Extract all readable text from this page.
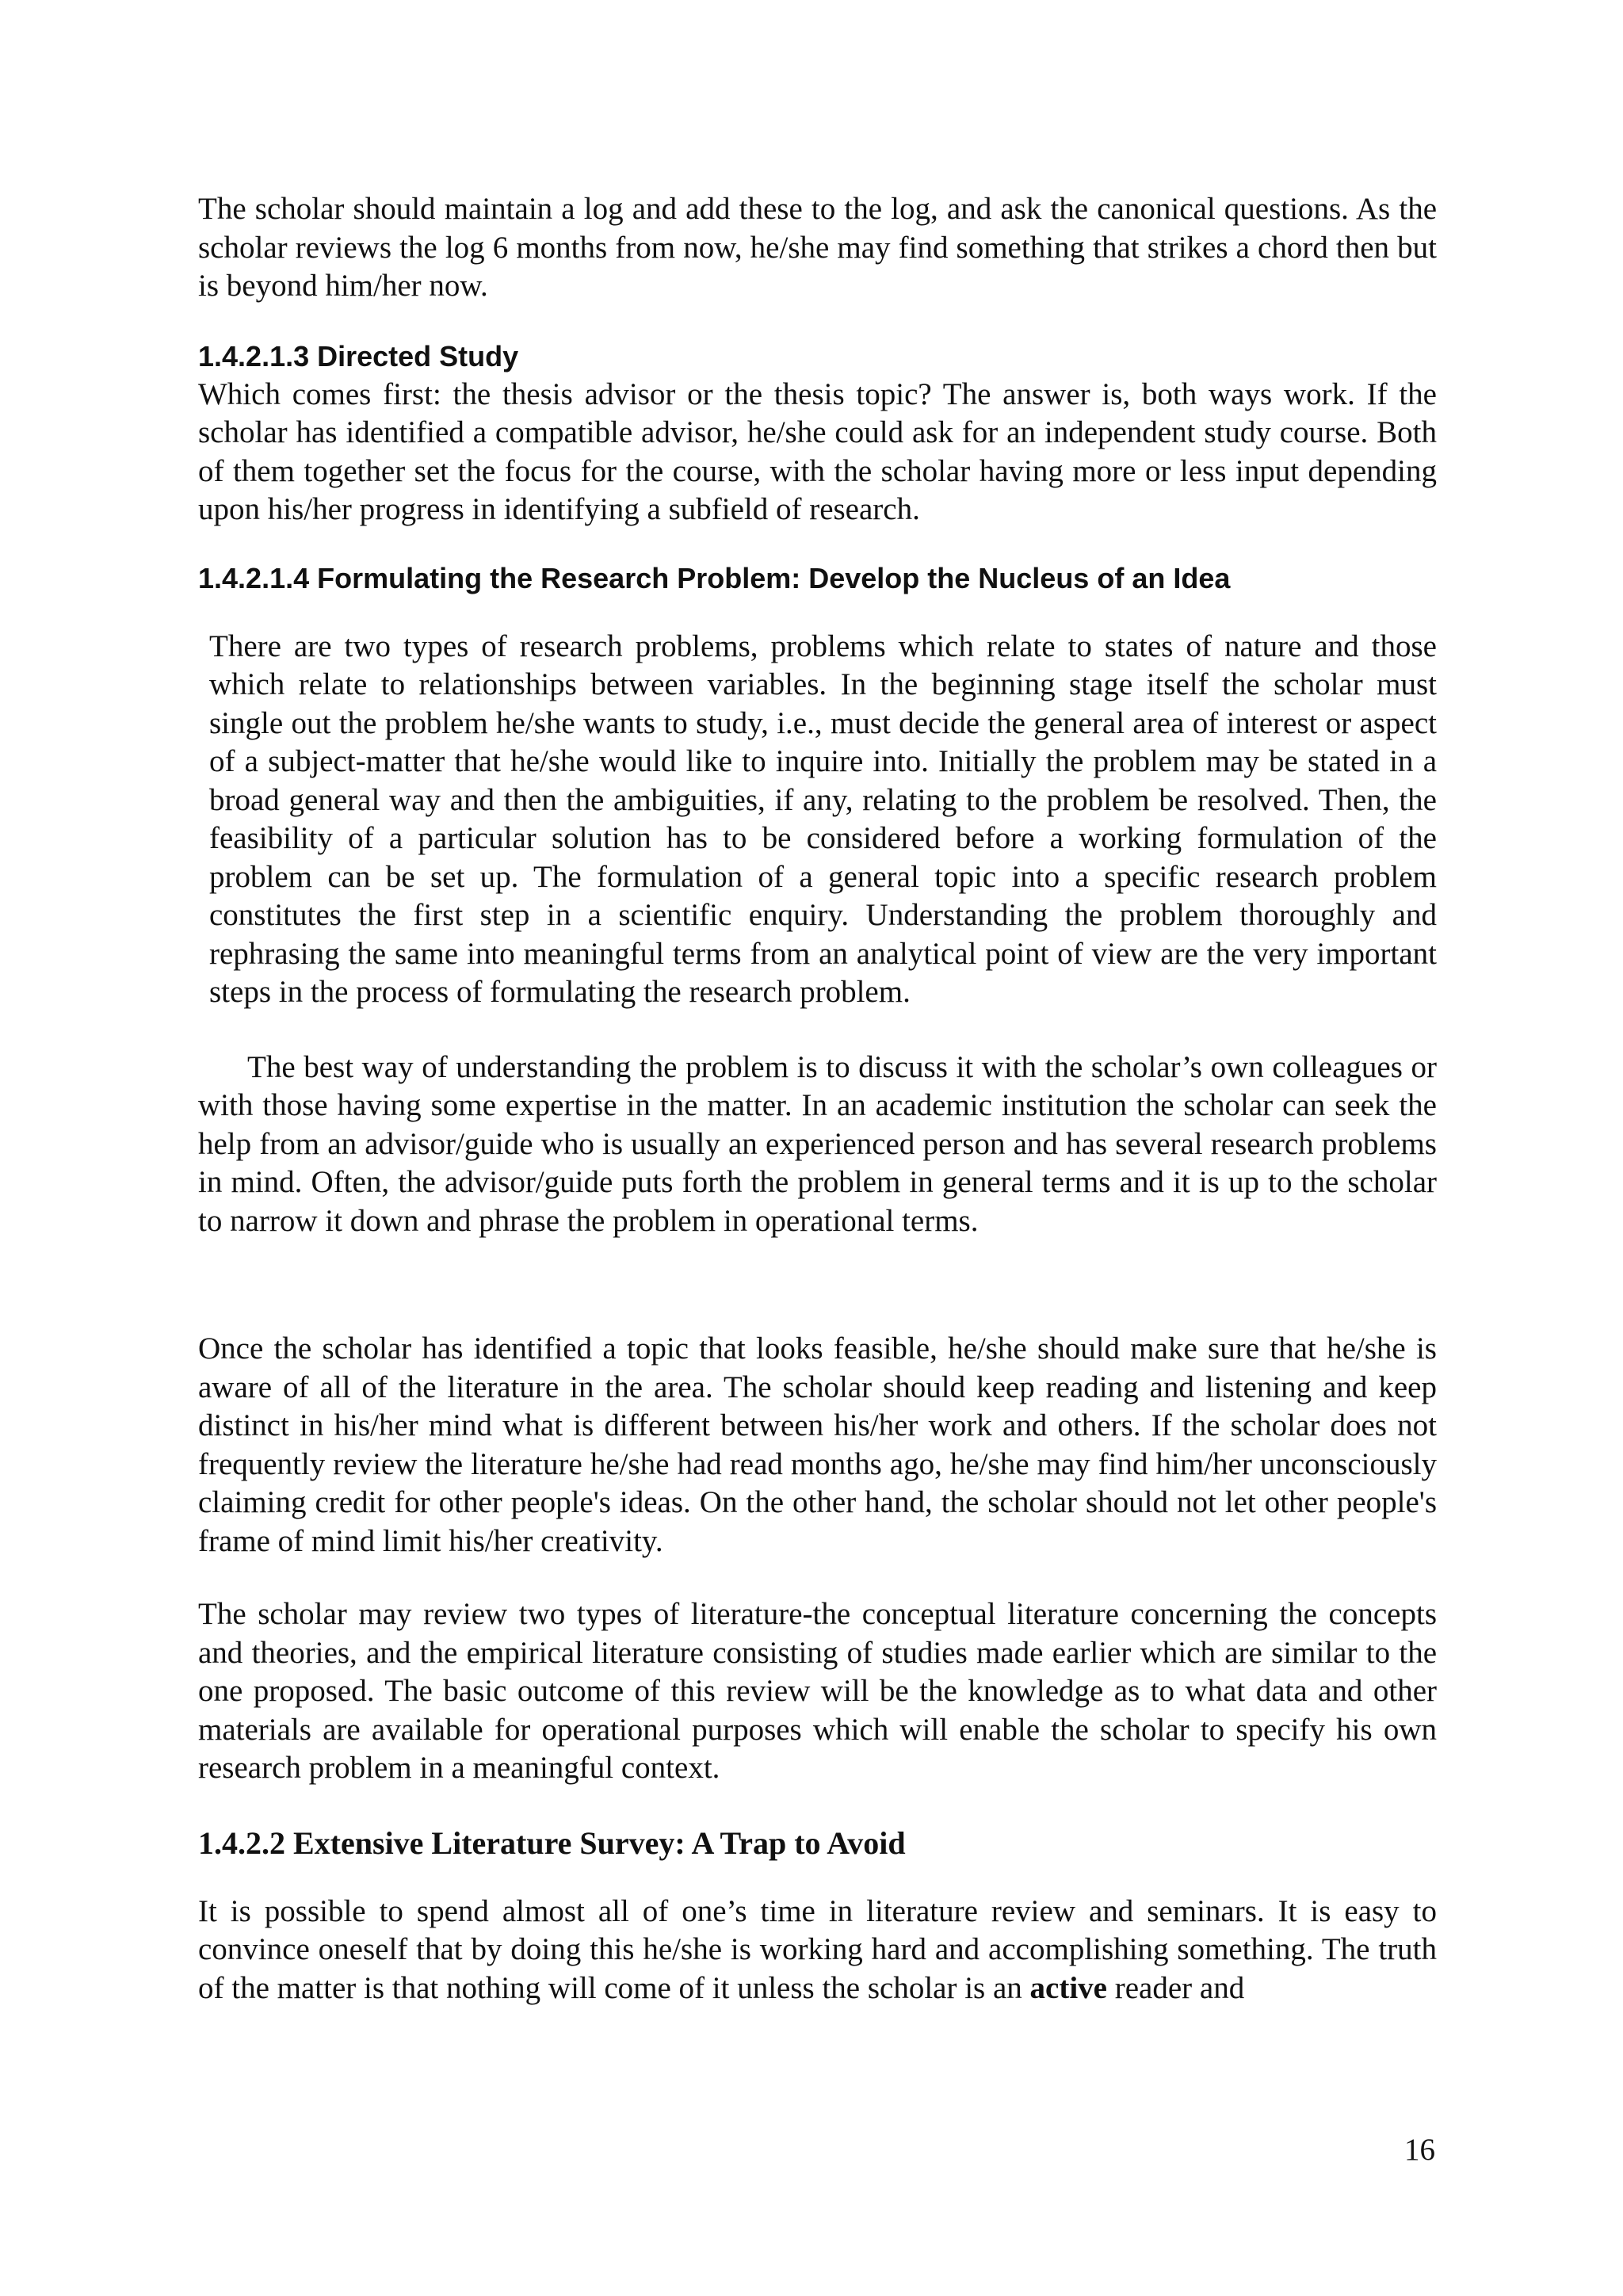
The scholar should maintain a log and add these to the log, and ask the canonical questions. As the scholar reviews the log 6 months from now, he/she may find something that strikes a chord then but is beyond him/her now.

1.4.2.1.3 Directed Study

Which comes first: the thesis advisor or the thesis topic? The answer is, both ways work. If the scholar has identified a compatible advisor, he/she could ask for an independent study course. Both of them together set the focus for the course, with the scholar having more or less input depending upon his/her progress in identifying a subfield of research.

1.4.2.1.4 Formulating the Research Problem: Develop the Nucleus of an Idea

There are two types of research problems, problems which relate to states of nature and those which relate to relationships between variables. In the beginning stage itself the scholar must single out the problem he/she wants to study, i.e., must decide the general area of interest or aspect of a subject-matter that he/she would like to inquire into. Initially the problem may be stated in a broad general way and then the ambiguities, if any, relating to the problem be resolved. Then, the feasibility of a particular solution has to be considered before a working formulation of the problem can be set up. The formulation of a general topic into a specific research problem constitutes the first step in a scientific enquiry. Understanding the problem thoroughly and rephrasing the same into meaningful terms from an analytical point of view are the very important steps in the process of formulating the research problem.

The best way of understanding the problem is to discuss it with the scholar’s own colleagues or with those having some expertise in the matter. In an academic institution the scholar can seek the help from an advisor/guide who is usually an experienced person and has several research problems in mind. Often, the advisor/guide puts forth the problem in general terms and it is up to the scholar to narrow it down and phrase the problem in operational terms.

Once the scholar has identified a topic that looks feasible, he/she should make sure that he/she is aware of all of the literature in the area. The scholar should keep reading and listening and keep distinct in his/her mind what is different between his/her work and others. If the scholar does not frequently review the literature he/she had read months ago, he/she may find him/her unconsciously claiming credit for other people's ideas. On the other hand, the scholar should not let other people's frame of mind limit his/her creativity.

The scholar may review two types of literature-the conceptual literature concerning the concepts and theories, and the empirical literature consisting of studies made earlier which are similar to the one proposed. The basic outcome of this review will be the knowledge as to what data and other materials are available for operational purposes which will enable the scholar to specify his own research problem in a meaningful context.

1.4.2.2 Extensive Literature Survey: A Trap to Avoid

It is possible to spend almost all of one’s time in literature review and seminars. It is easy to convince oneself that by doing this he/she is working hard and accomplishing something. The truth of the matter is that nothing will come of it unless the scholar is an active reader and

16
